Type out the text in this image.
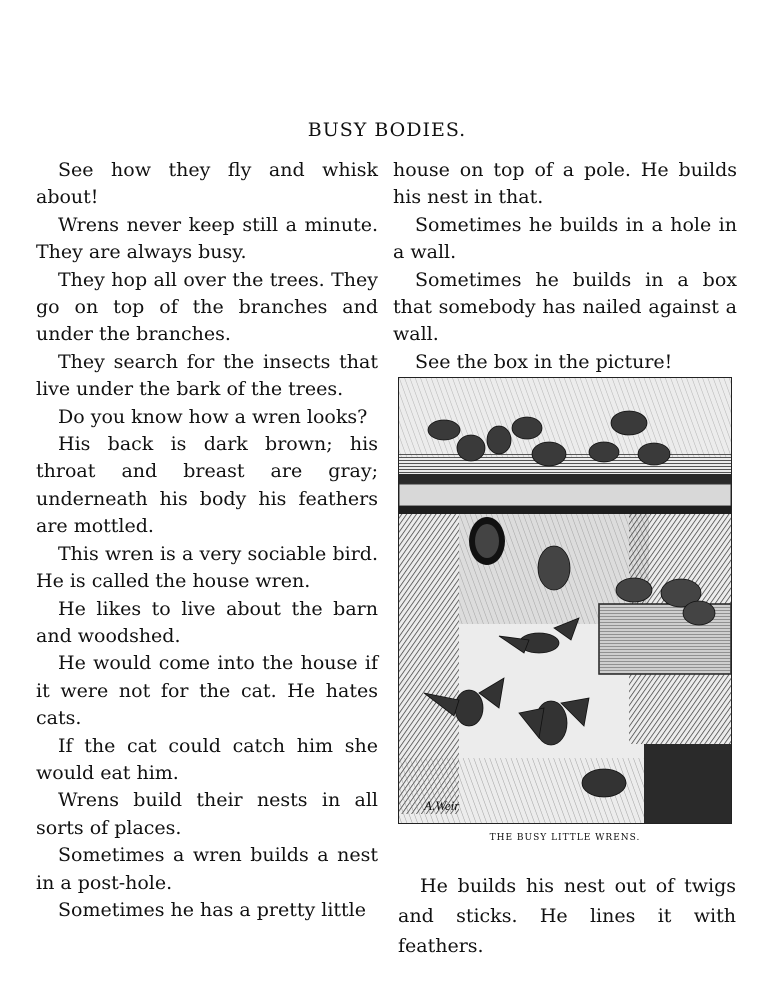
BUSY BODIES.

See how they fly and whisk about!

Wrens never keep still a minute. They are always busy.

They hop all over the trees. They go on top of the branches and under the branches.

They search for the insects that live under the bark of the trees.

Do you know how a wren looks?

His back is dark brown; his throat and breast are gray; underneath his body his feathers are mottled.

This wren is a very sociable bird. He is called the house wren.

He likes to live about the barn and woodshed.

He would come into the house if it were not for the cat. He hates cats.

If the cat could catch him she would eat him.

Wrens build their nests in all sorts of places.

Sometimes a wren builds a nest in a post-hole.

Sometimes he has a pretty little

house on top of a pole. He builds his nest in that.

Sometimes he builds in a hole in a wall.

Sometimes he builds in a box that somebody has nailed against a wall.

See the box in the picture!

A.Weir
THE BUSY LITTLE WRENS.

He builds his nest out of twigs and sticks. He lines it with feathers.
